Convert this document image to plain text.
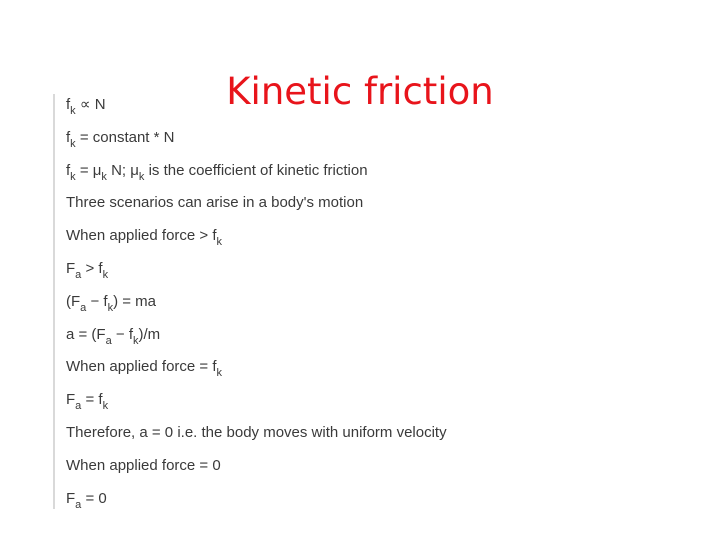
Kinetic friction
$f_k \propto N$
$f_k$ = constant * N
$f_k = \mu_k$ N; $\mu_k$ is the coefficient of kinetic friction
Three scenarios can arise in a body's motion
When applied force > $f_k$
$F_a > f_k$
$(F_a - f_k)$ = ma
$a = (F_a - f_k)/m$
When applied force = $f_k$
$F_a = f_k$
Therefore, a = 0 i.e. the body moves with uniform velocity
When applied force = 0
$F_a = 0$
